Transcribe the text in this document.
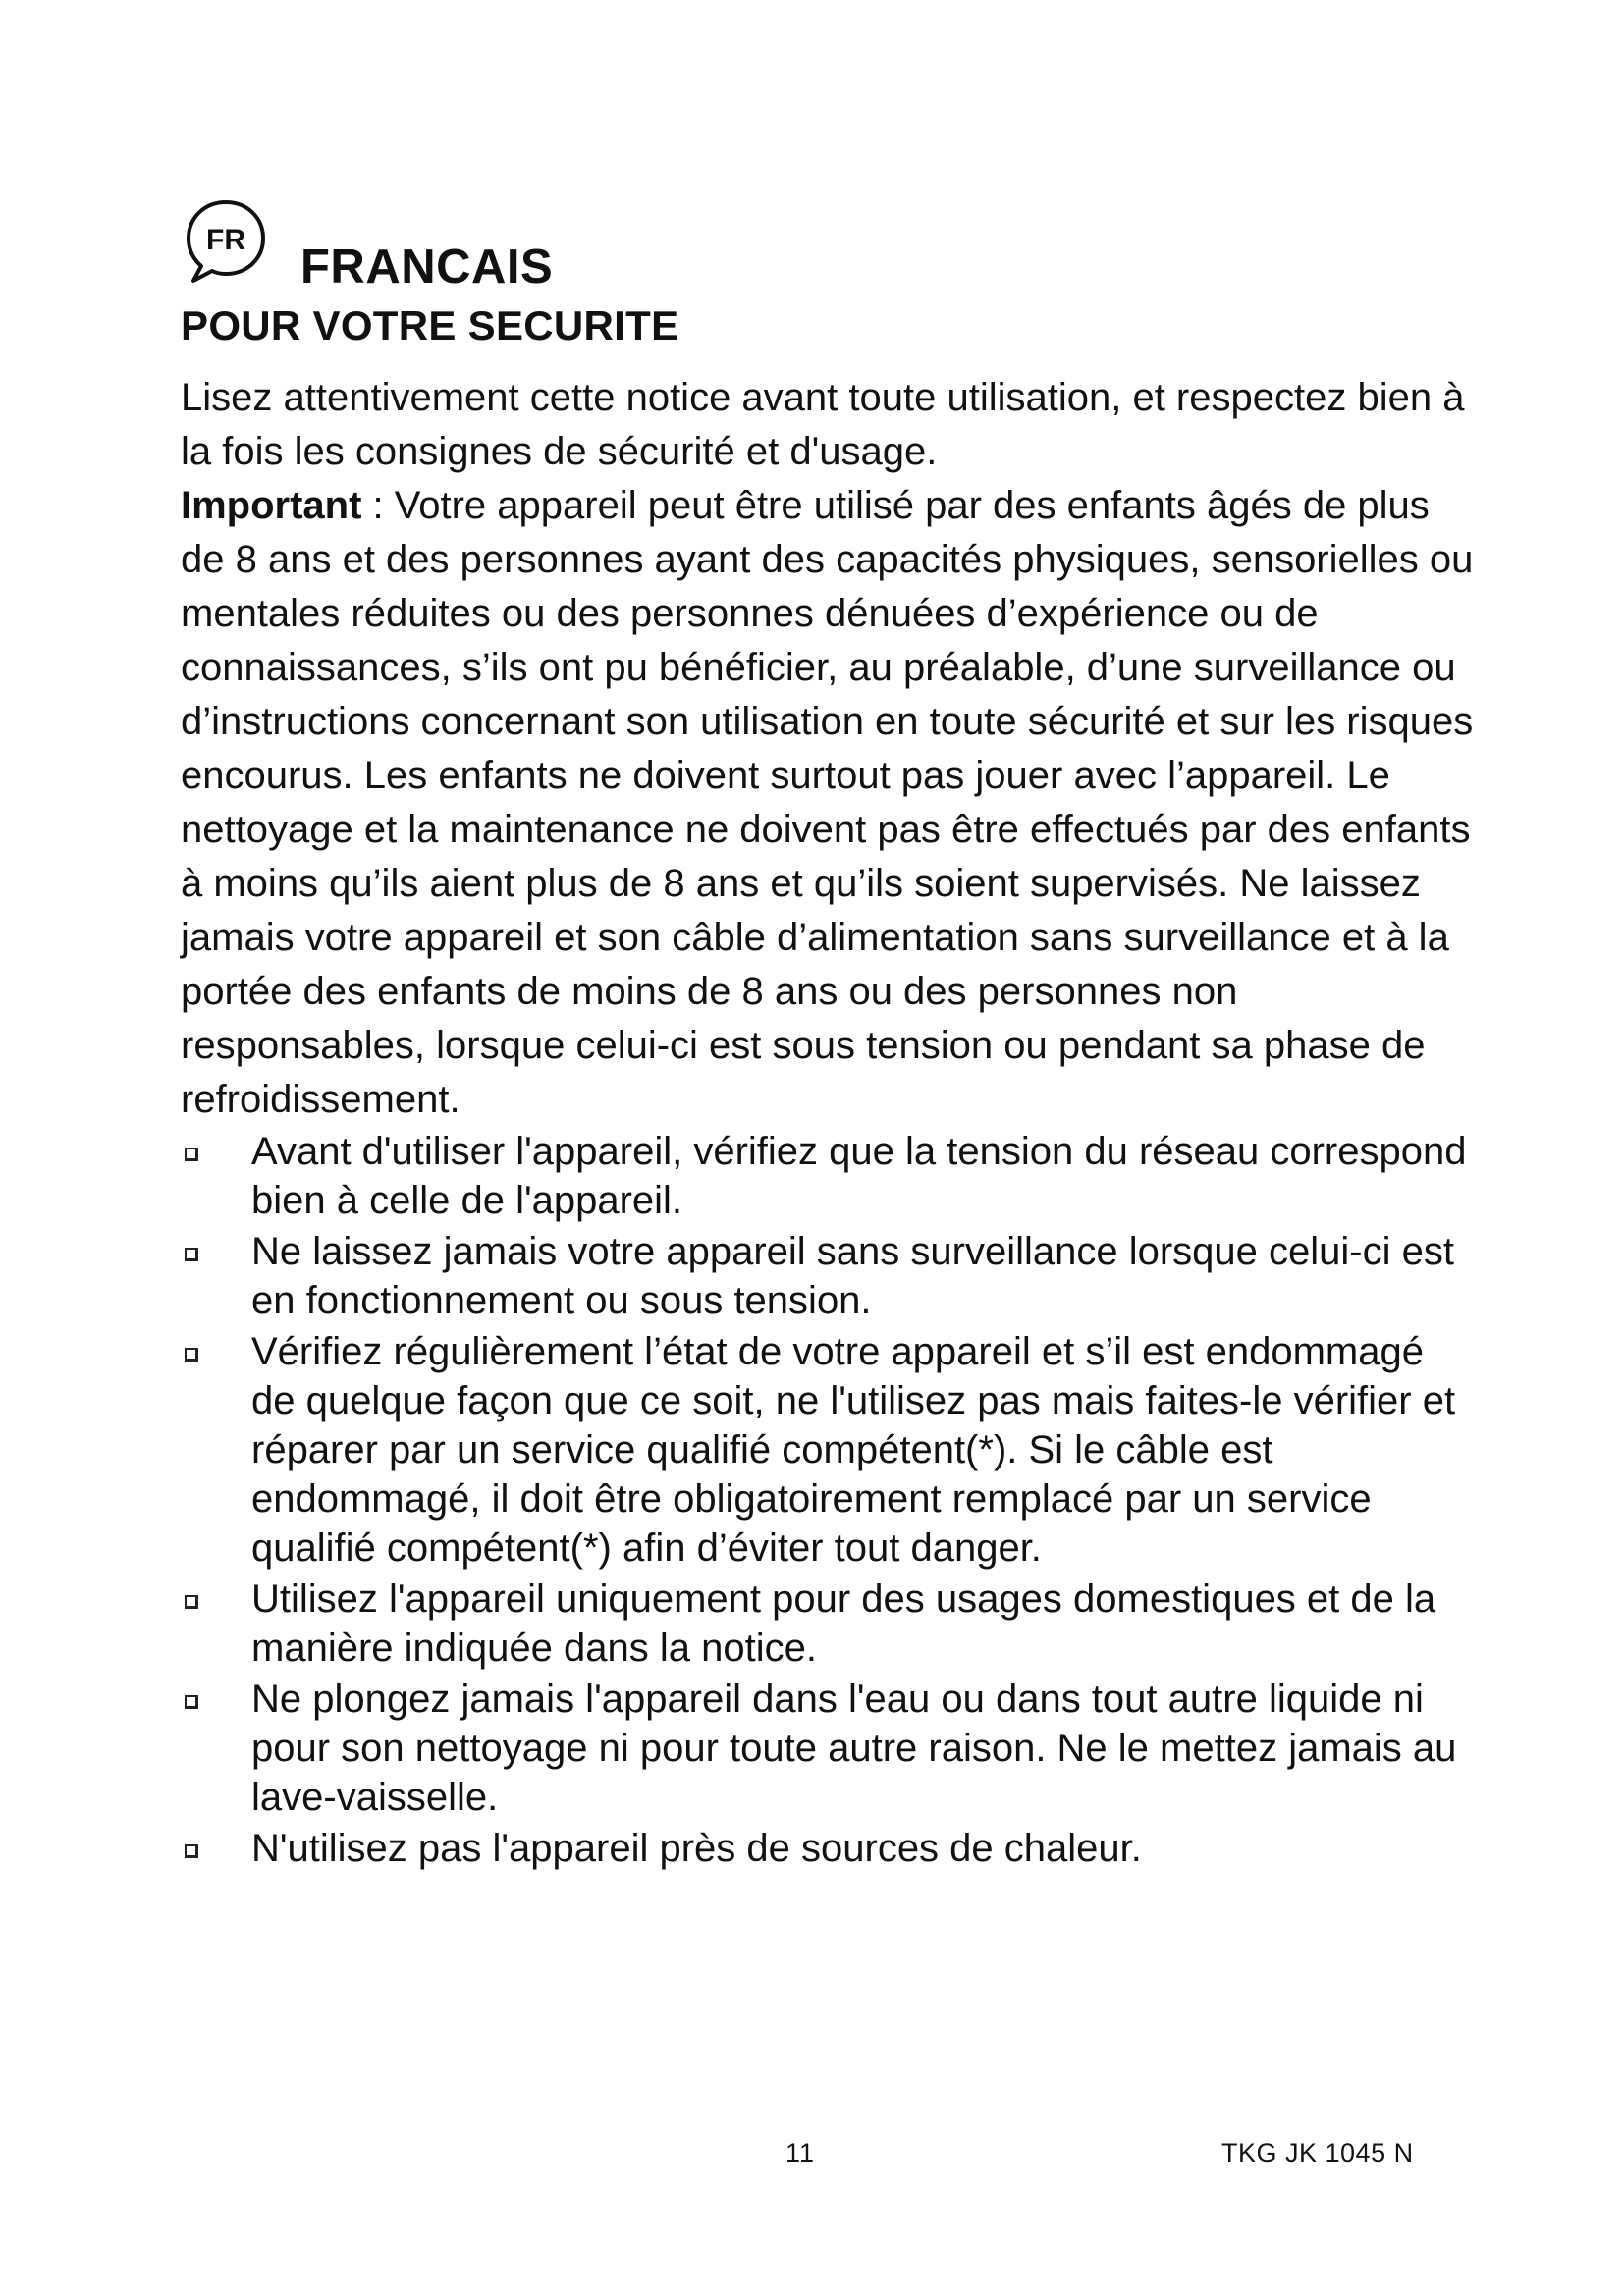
FR
FRANCAIS
POUR VOTRE SECURITE

Lisez attentivement cette notice avant toute utilisation, et respectez bien à la fois les consignes de sécurité et d'usage.

Important : Votre appareil peut être utilisé par des enfants âgés de plus de 8 ans et des personnes ayant des capacités physiques, sensorielles ou mentales réduites ou des personnes dénuées d’expérience ou de connaissances, s’ils ont pu bénéficier, au préalable, d’une surveillance ou d’instructions concernant son utilisation en toute sécurité et sur les risques encourus. Les enfants ne doivent surtout pas jouer avec l’appareil. Le nettoyage et la maintenance ne doivent pas être effectués par des enfants à moins qu’ils aient plus de 8 ans et qu’ils soient supervisés. Ne laissez jamais votre appareil et son câble d’alimentation sans surveillance et à la portée des enfants de moins de 8 ans ou des personnes non responsables, lorsque celui-ci est sous tension ou pendant sa phase de refroidissement.

Avant d'utiliser l'appareil, vérifiez que la tension du réseau correspond bien à celle de l'appareil.
Ne laissez jamais votre appareil sans surveillance lorsque celui-ci est en fonctionnement ou sous tension.
Vérifiez régulièrement l’état de votre appareil et s’il est endommagé de quelque façon que ce soit, ne l'utilisez pas mais faites-le vérifier et réparer par un service qualifié compétent(*). Si le câble est endommagé, il doit être obligatoirement remplacé par un service qualifié compétent(*) afin d’éviter tout danger.
Utilisez l'appareil uniquement pour des usages domestiques et de la manière indiquée dans la notice.
Ne plongez jamais l'appareil dans l'eau ou dans tout autre liquide ni pour son nettoyage ni pour toute autre raison. Ne le mettez jamais au lave-vaisselle.
N'utilisez pas l'appareil près de sources de chaleur.
11	TKG JK 1045 N
